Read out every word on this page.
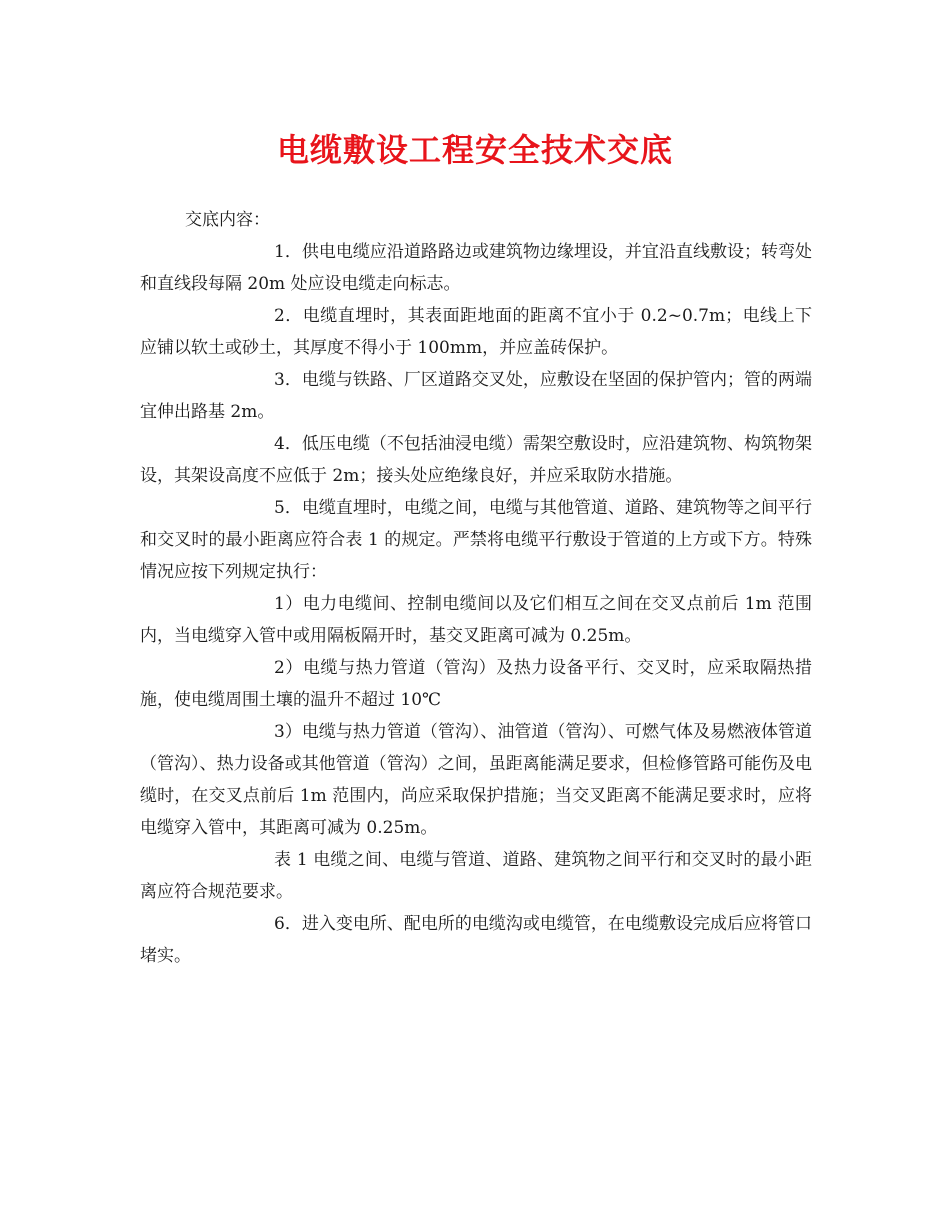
电缆敷设工程安全技术交底

交底内容：

1．供电电缆应沿道路路边或建筑物边缘埋设，并宜沿直线敷设；转弯处和直线段每隔 20m 处应设电缆走向标志。

2．电缆直埋时，其表面距地面的距离不宜小于 0.2~0.7m；电线上下应铺以软土或砂土，其厚度不得小于 100mm，并应盖砖保护。

3．电缆与铁路、厂区道路交叉处，应敷设在坚固的保护管内；管的两端宜伸出路基 2m。

4．低压电缆（不包括油浸电缆）需架空敷设时，应沿建筑物、构筑物架设，其架设高度不应低于 2m；接头处应绝缘良好，并应采取防水措施。

5．电缆直埋时，电缆之间，电缆与其他管道、道路、建筑物等之间平行和交叉时的最小距离应符合表 1 的规定。严禁将电缆平行敷设于管道的上方或下方。特殊情况应按下列规定执行：

1）电力电缆间、控制电缆间以及它们相互之间在交叉点前后 1m 范围内，当电缆穿入管中或用隔板隔开时，基交叉距离可减为 0.25m。

2）电缆与热力管道（管沟）及热力设备平行、交叉时，应采取隔热措施，使电缆周围土壤的温升不超过 10℃

3）电缆与热力管道（管沟）、油管道（管沟）、可燃气体及易燃液体管道（管沟）、热力设备或其他管道（管沟）之间，虽距离能满足要求，但检修管路可能伤及电缆时，在交叉点前后 1m 范围内，尚应采取保护措施；当交叉距离不能满足要求时，应将电缆穿入管中，其距离可减为 0.25m。

表 1 电缆之间、电缆与管道、道路、建筑物之间平行和交叉时的最小距离应符合规范要求。

6．进入变电所、配电所的电缆沟或电缆管，在电缆敷设完成后应将管口堵实。
